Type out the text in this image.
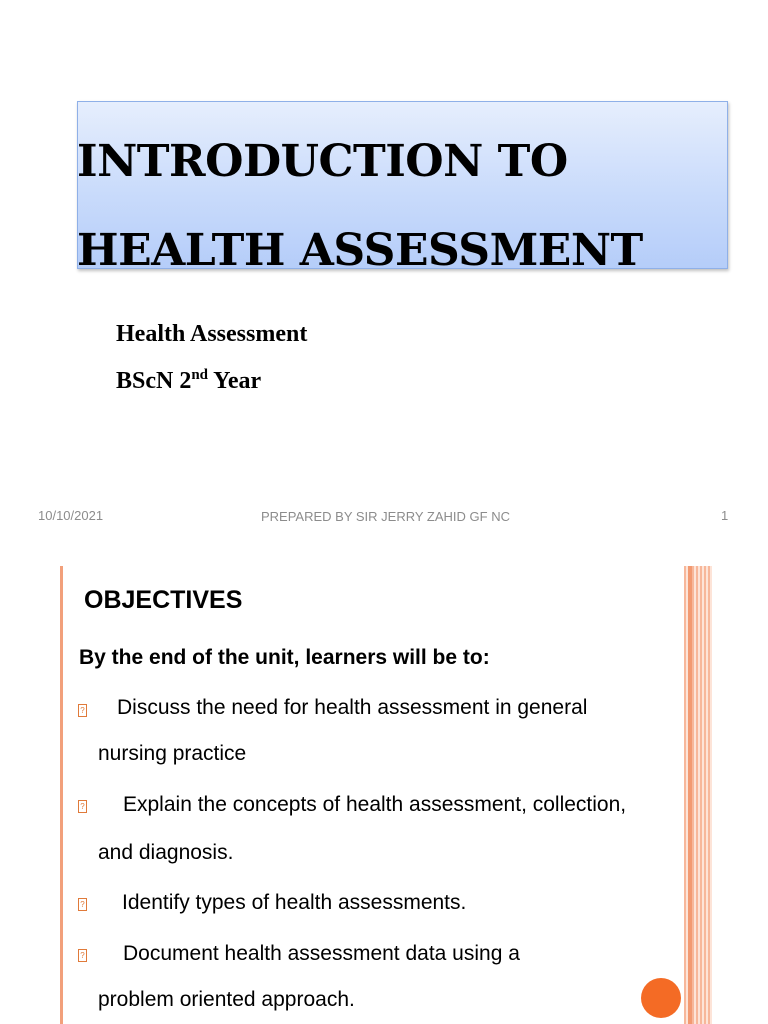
INTRODUCTION TO
HEALTH ASSESSMENT
Health Assessment
BScN 2nd Year
10/10/2021	PREPARED BY SIR JERRY ZAHID GF NC	1
OBJECTIVES
By the end of the unit, learners will be to:
? Discuss the need for health assessment in general
nursing practice
? Explain the concepts of health assessment, collection,
and diagnosis.
? Identify types of health assessments.
? Document health assessment data using a
problem oriented approach.
